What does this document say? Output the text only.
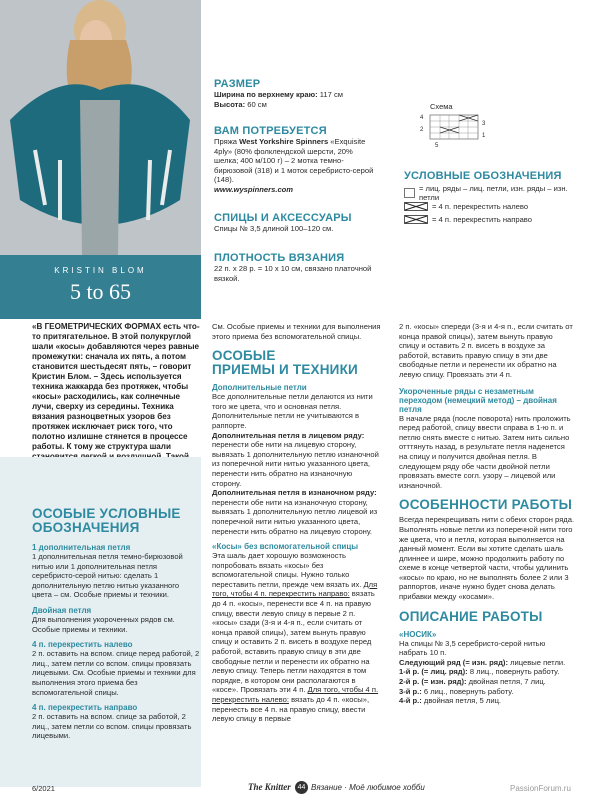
KRISTIN BLOM
5 to 65
РАЗМЕР
Ширина по верхнему краю: 117 см
Высота: 60 см
ВАМ ПОТРЕБУЕТСЯ

Пряжа West Yorkshire Spinners «Exquisite 4ply» (80% фолклендской шерсти, 20% шелка; 400 м/100 г) – 2 мотка темно-бирюзовой (318) и 1 моток серебристо-серой (148).

www.wyspinners.com

СПИЦЫ И АКСЕССУАРЫ

Спицы № 3,5 длиной 100–120 см.

ПЛОТНОСТЬ ВЯЗАНИЯ

22 п. х 28 р. = 10 х 10 см, связано платочной вязкой.

Схема
4
2
3
1
5
УСЛОВНЫЕ ОБОЗНАЧЕНИЯ
= лиц. ряды – лиц. петли, изн. ряды – изн. петли
= 4 п. перекрестить налево
= 4 п. перекрестить направо
«В ГЕОМЕТРИЧЕСКИХ ФОРМАХ есть что-то притягательное. В этой полукруглой шали «косы» добавляются через равные промежутки: сначала их пять, а потом становится шестьдесят пять, – говорит Кристин Блом. – Здесь используется техника жаккарда без протяжек, чтобы «косы» расходились, как солнечные лучи, сверху из середины. Техника вязания разноцветных узоров без протяжек исключает риск того, что полотно излишне стянется в процессе работы. К тому же структура шали
ОСОБЫЕ УСЛОВНЫЕ
ОБОЗНАЧЕНИЯ
1 дополнительная петля

1 дополнительная петля темно-бирюзовой нитью или 1 дополнительная петля серебристо-серой нитью: сделать 1 дополнительную петлю нитью указанного цвета – см. Особые приемы и техники.

Двойная петля

Для выполнения укороченных рядов см. Особые приемы и техники.

4 п. перекрестить налево

2 п. оставить на вспом. спице перед работой, 2 лиц., затем петли со вспом. спицы провязать лицевыми. См. Особые приемы и техники для выполнения этого приема без вспомогательной спицы.

4 п. перекрестить направо

2 п. оставить на вспом. спице за работой, 2 лиц., затем петли со вспом. спицы провязать лицевыми.

См. Особые приемы и техники для выполнения этого приема без вспомогательной спицы.

ОСОБЫЕ
ПРИЕМЫ И ТЕХНИКИ
Дополнительные петли

Все дополнительные петли делаются из нити того же цвета, что и основная петля. Дополнительные петли не учитываются в раппорте.

Дополнительная петля в лицевом ряду: перенести обе нити на лицевую сторону, вывязать 1 дополнительную петлю изнаночной из поперечной нити нитью указанного цвета, перенести нить обратно на изнаночную сторону.

Дополнительная петля в изнаночном ряду: перенести обе нити на изнаночную сторону, вывязать 1 дополнительную петлю лицевой из поперечной нити нитью указанного цвета, перенести нить обратно на лицевую сторону.

«Косы» без вспомогательной спицы

Эта шаль дает хорошую возможность попробовать вязать «косы» без вспомогательной спицы. Нужно только переставить петли, прежде чем вязать их. Для того, чтобы 4 п. перекрестить направо: вязать до 4 п. «косы», перенести все 4 п. на правую спицу, ввести левую спицу в первые 2 п. «косы» сзади (3-я и 4-я п., если считать от конца правой спицы), затем вынуть правую спицу и оставить 2 п. висеть в воздухе перед работой, вставить правую спицу в эти две свободные петли и перенести их обратно на левую спицу. Теперь петли находятся в том порядке, в котором они располагаются в «косе». Провязать эти 4 п. Для того, чтобы 4 п. перекрестить налево: вязать до 4 п. «косы», перенесть все 4 п. на правую спицу, ввести левую спицу в первые

2 п. «косы» спереди (3-я и 4-я п., если считать от конца правой спицы), затем вынуть правую спицу и оставить 2 п. висеть в воздухе за работой, вставить правую спицу в эти две свободные петли и перенести их обратно на левую спицу. Провязать эти 4 п.

Укороченные ряды с незаметным переходом (немецкий метод) – двойная петля

В начале ряда (после поворота) нить проложить перед работой, спицу ввести справа в 1-ю п. и петлю снять вместе с нитью. Затем нить сильно отттянуть назад, в результате петля наденется на спицу и получится двойная петля. В следующем ряду обе части двойной петли провязать вместе согл. узору – лицевой или изнаночной.

ОСОБЕННОСТИ РАБОТЫ

Всегда перекрещивать нити с обеих сторон ряда. Выполнять новые петли из поперечной нити того же цвета, что и петля, которая выполняется на данный момент. Если вы хотите сделать шаль длиннее и шире, можно продолжить работу по схеме в конце четвертой части, чтобы удлинить «косы» по краю, но не выполнять более 2 или 3 раппортов, иначе нужно будет снова делать прибавки между «косами».

ОПИСАНИЕ РАБОТЫ
«НОСИК»

На спицы № 3,5 серебристо-серой нитью набрать 10 п.

Следующий ряд (= изн. ряд): лицевые петли.

1-й р. (= лиц. ряд): 8 лиц., повернуть работу.

2-й р. (= изн. ряд): двойная петля, 7 лиц.

3-й р.: 6 лиц., повернуть работу.

4-й р.: двойная петля, 5 лиц.

6/2021	The Knitter 44 Вязание · Моё любимое хобби	PassionForum.ru
